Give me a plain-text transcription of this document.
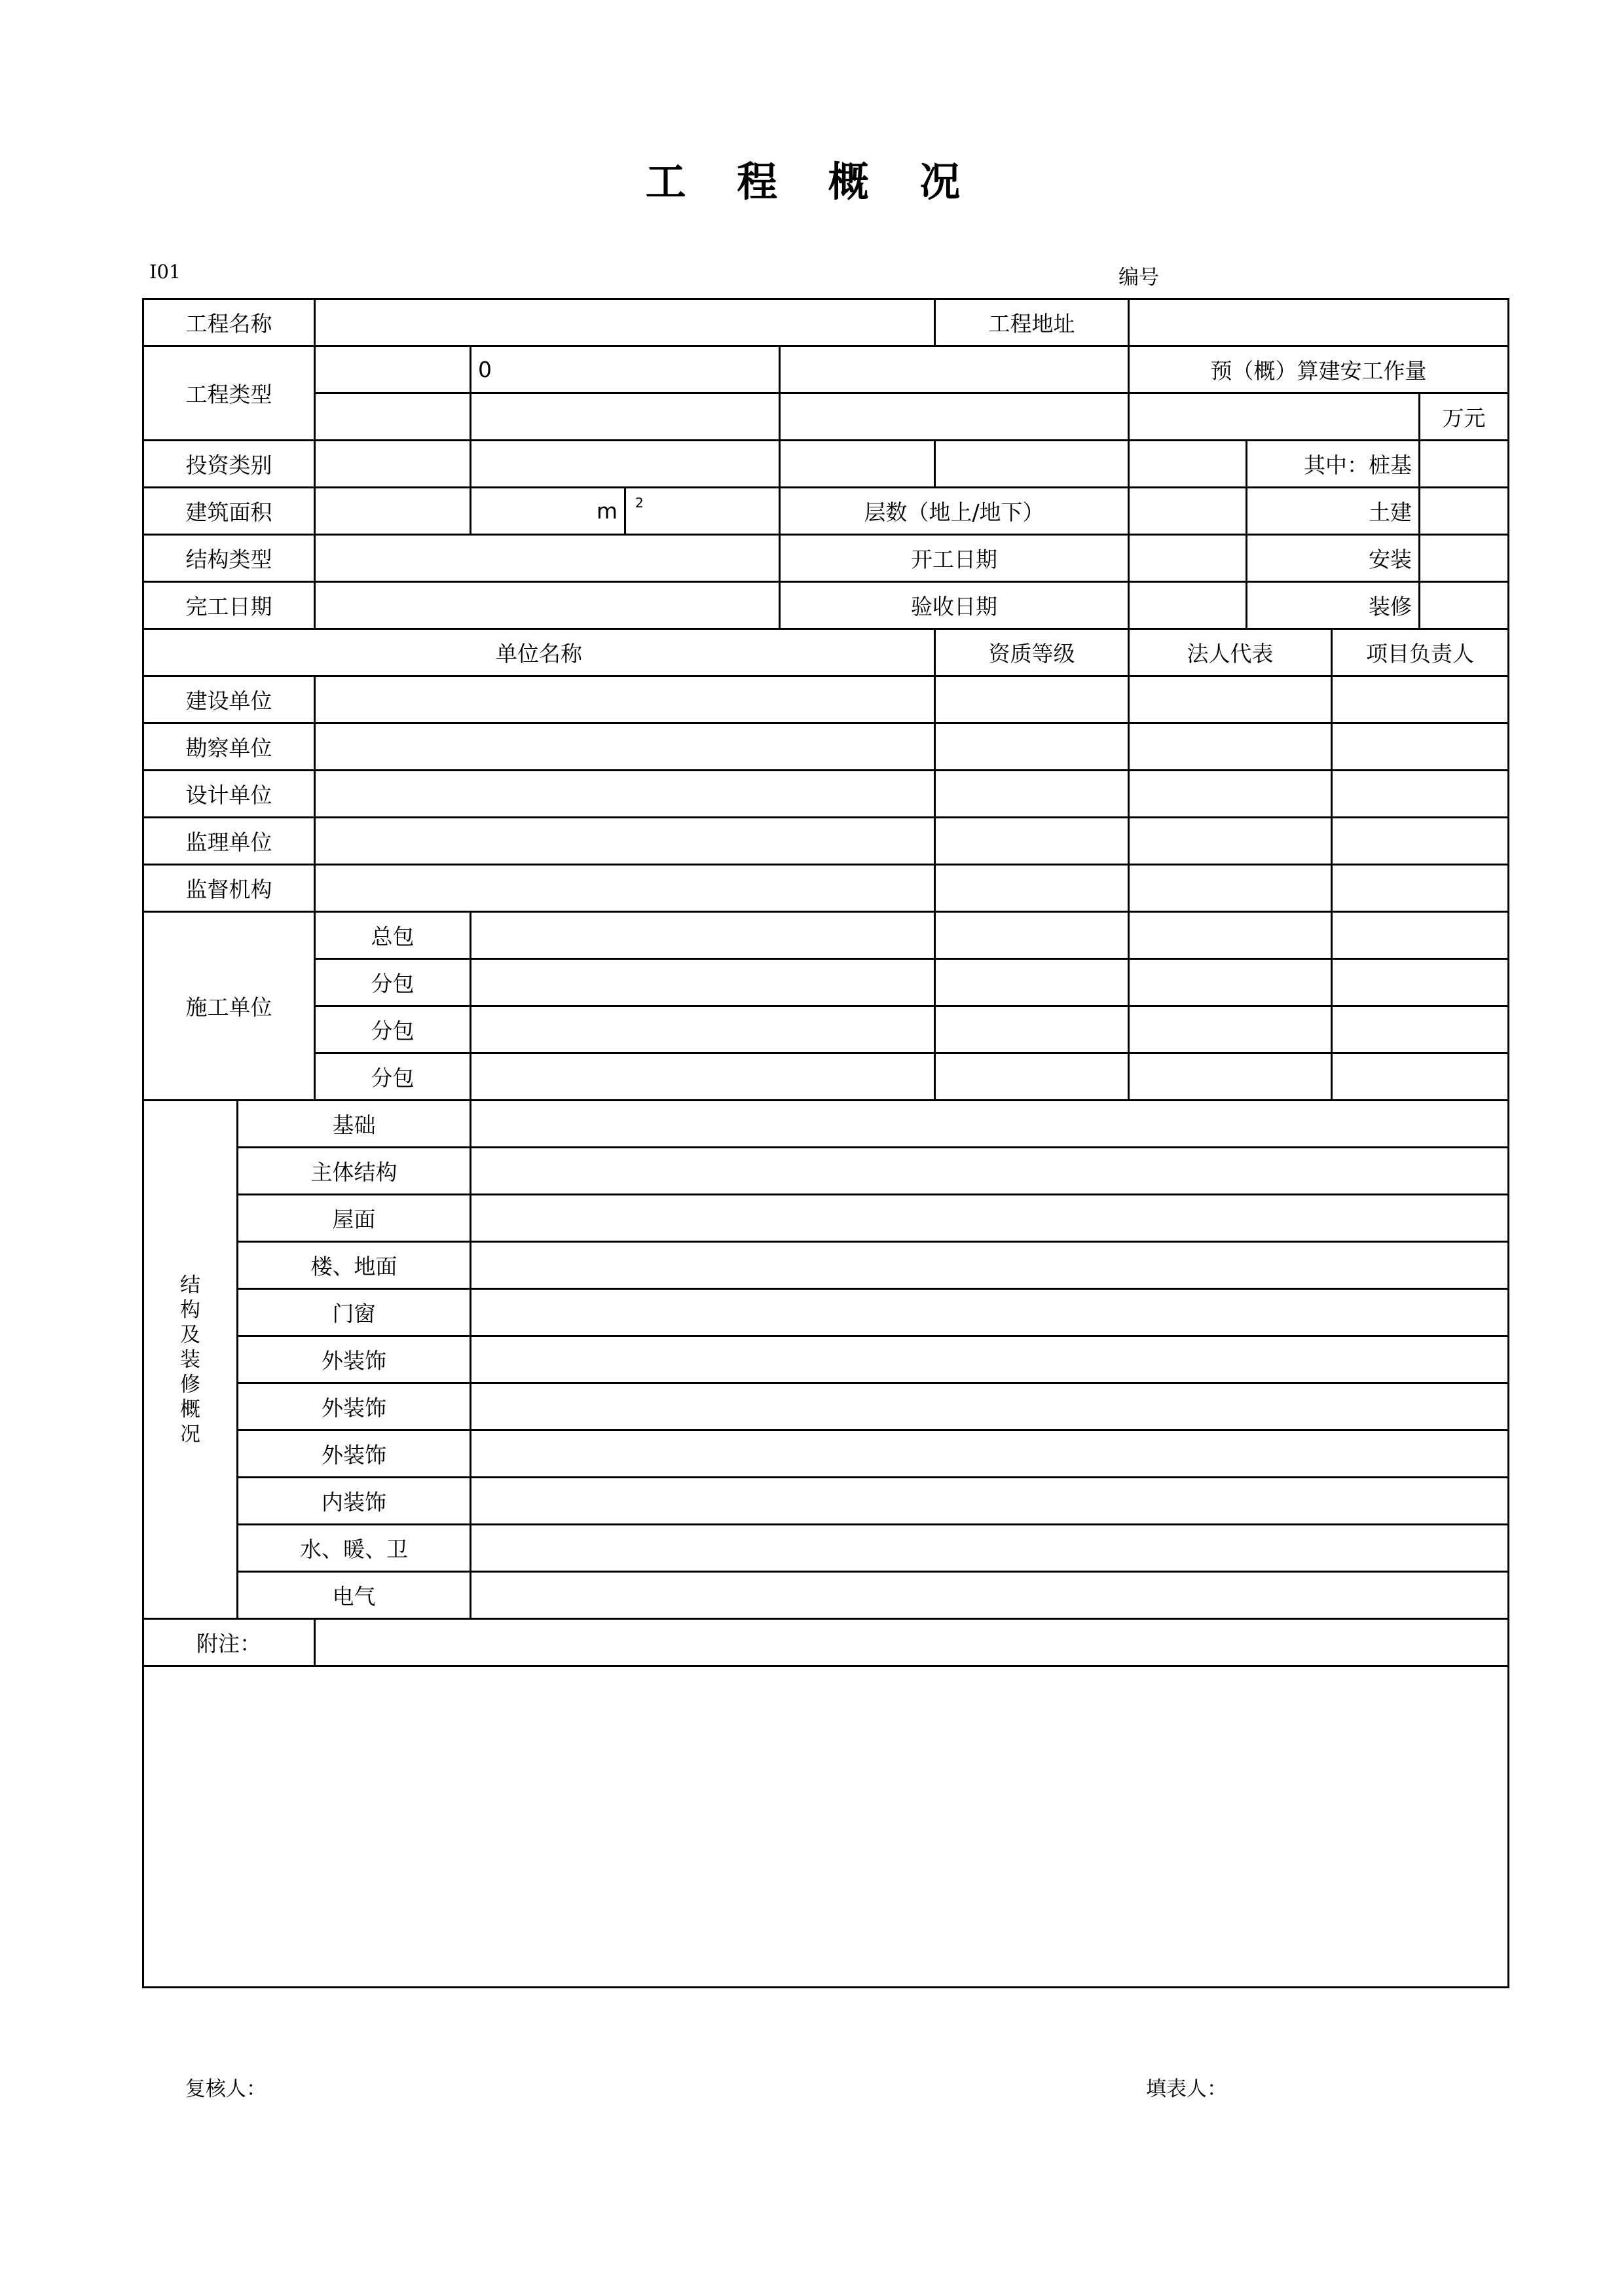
工 程 概 况
I01	编号
工程名称						工程地址					
工程类型			0				预（概）算建安工作量				
										万元	
投资类别								其中：桩基		
建筑面积			m	$^2$	层数（地上/地下）			土建		
结构类型					开工日期			安装		
完工日期					验收日期			装修		
单位名称						资质等级	法人代表		项目负责人		
建设单位											
勘察单位											
设计单位											
监理单位											
监督机构											
施工单位		总包									
		分包									
		分包									
		分包									
结构及装修概况	基础										
	主体结构										
	屋面										
	楼、地面										
	门窗										
	外装饰										
	外装饰										
	外装饰										
	内装饰										
	水、暖、卫										
	电气										
附注：											

复核人：	填表人：
